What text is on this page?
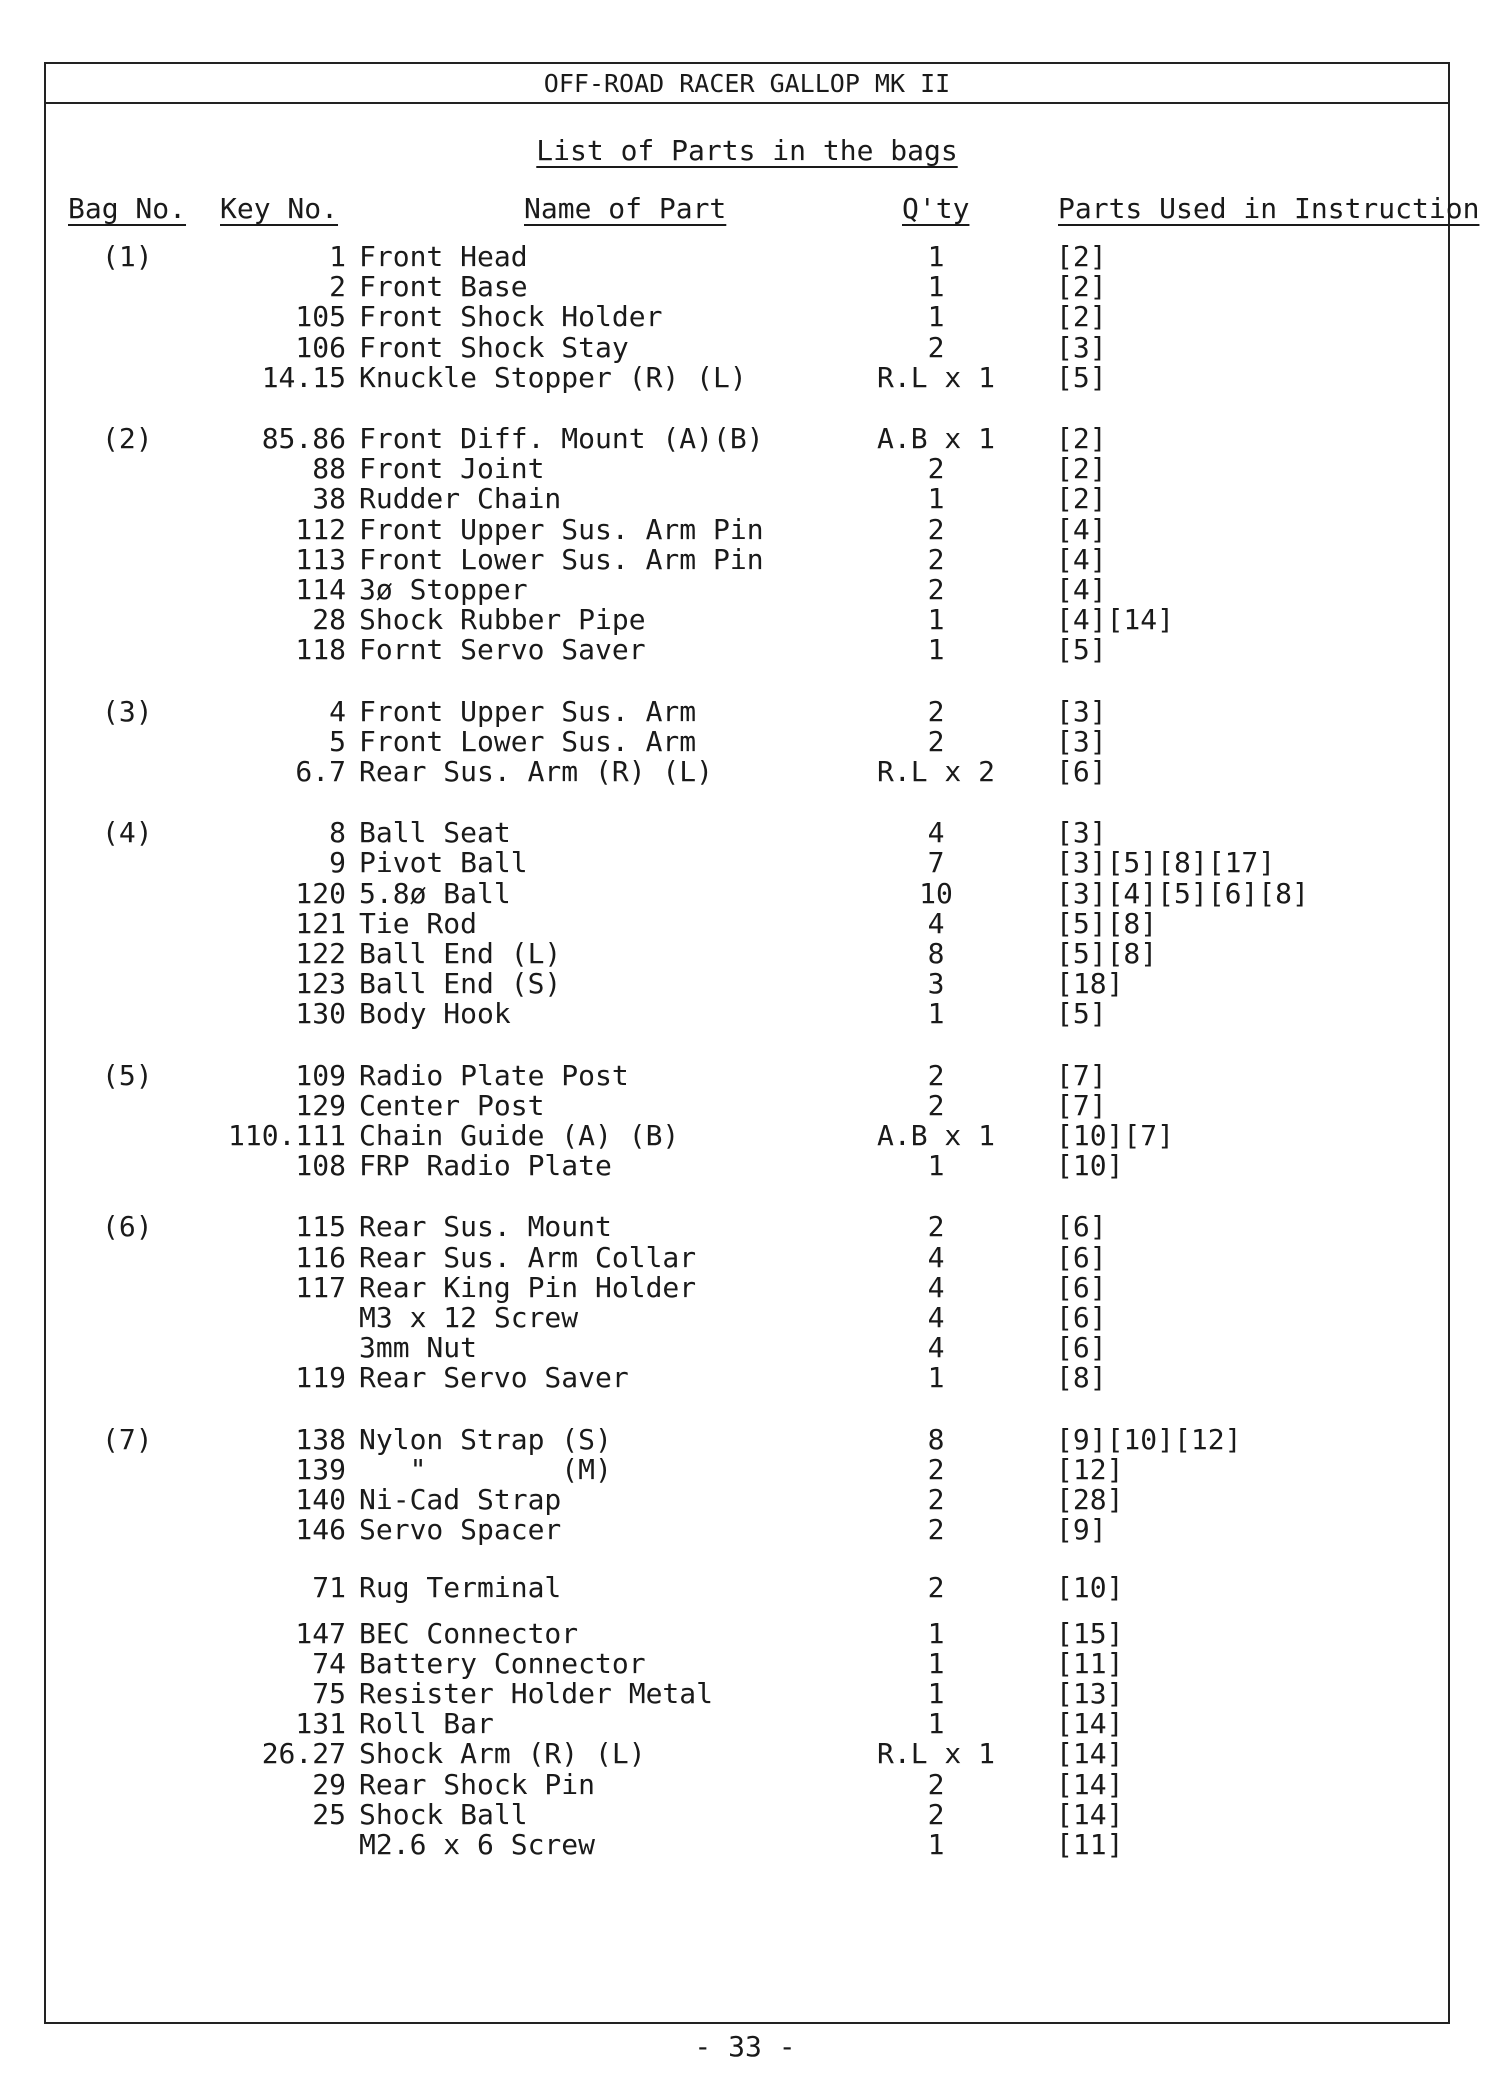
OFF-ROAD RACER GALLOP MK II
List of Parts in the bags
Bag No. Key No.	Name of Part	Q'ty	Parts Used in Instruction
(1)	1 Front Head	1	[2]
2 Front Base	1	[2]
105 Front Shock Holder	1	[2]
106 Front Shock Stay	2	[3]
14.15 Knuckle Stopper (R) (L)	R.L x 1	[5]
(2)	85.86 Front Diff. Mount (A)(B)	A.B x 1	[2]
88 Front Joint	2	[2]
38 Rudder Chain	1	[2]
112 Front Upper Sus. Arm Pin	2	[4]
113 Front Lower Sus. Arm Pin	2	[4]
114 3ø Stopper	2	[4]
28 Shock Rubber Pipe	1	[4][14]
118 Fornt Servo Saver	1	[5]
(3)	4 Front Upper Sus. Arm	2	[3]
5 Front Lower Sus. Arm	2	[3]
6.7 Rear Sus. Arm (R) (L)	R.L x 2	[6]
(4)	8 Ball Seat	4	[3]
9 Pivot Ball	7	[3][5][8][17]
120 5.8ø Ball	10	[3][4][5][6][8]
121 Tie Rod	4	[5][8]
122 Ball End (L)	8	[5][8]
123 Ball End (S)	3	[18]
130 Body Hook	1	[5]
(5)	109 Radio Plate Post	2	[7]
129 Center Post	2	[7]
110.111 Chain Guide (A) (B)	A.B x 1	[10][7]
108 FRP Radio Plate	1	[10]
(6)	115 Rear Sus. Mount	2	[6]
116 Rear Sus. Arm Collar	4	[6]
117 Rear King Pin Holder	4	[6]
M3 x 12 Screw	4	[6]
3mm Nut	4	[6]
119 Rear Servo Saver	1	[8]
(7)	138 Nylon Strap (S)	8	[9][10][12]
139 "        (M)	2	[12]
140 Ni-Cad Strap	2	[28]
146 Servo Spacer	2	[9]
71 Rug Terminal	2	[10]
147 BEC Connector	1	[15]
74 Battery Connector	1	[11]
75 Resister Holder Metal	1	[13]
131 Roll Bar	1	[14]
26.27 Shock Arm (R) (L)	R.L x 1	[14]
29 Rear Shock Pin	2	[14]
25 Shock Ball	2	[14]
M2.6 x 6 Screw	1	[11]
- 33 -
